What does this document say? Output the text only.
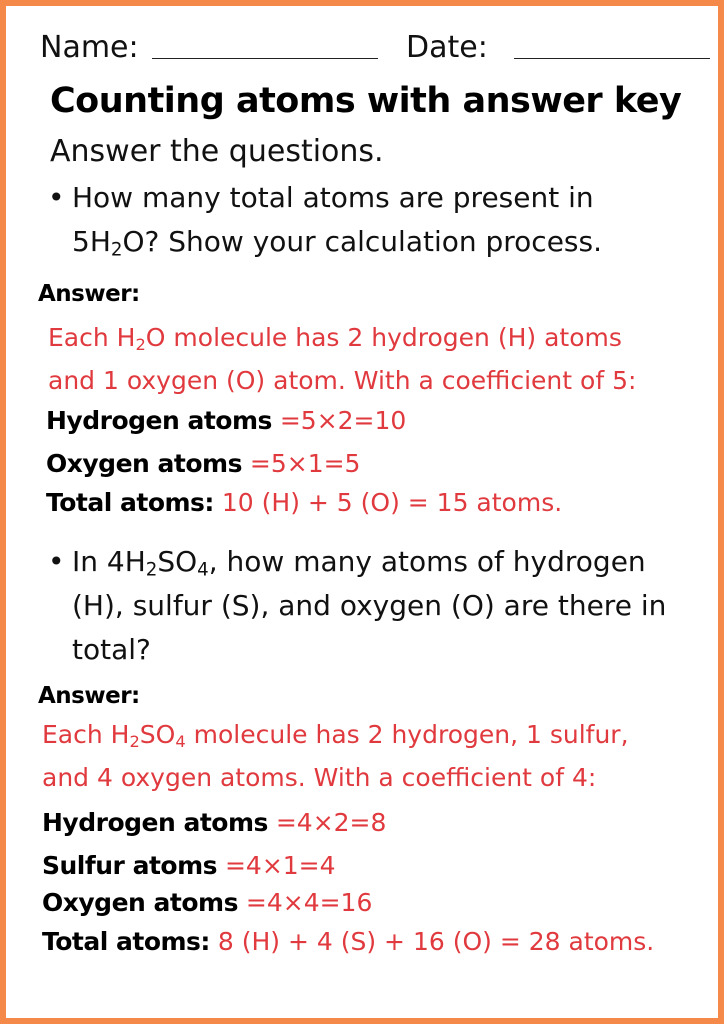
Name:	Date:
Counting atoms with answer key
Answer the questions.
• How many total atoms are present in
$5H_2O$? Show your calculation process.
Answer:
Each $H_2O$ molecule has 2 hydrogen (H) atoms
and 1 oxygen (O) atom. With a coefficient of 5:
Hydrogen atoms =5×2=10
Oxygen atoms =5×1=5
Total atoms: 10 (H) + 5 (O) = 15 atoms.
• In $4H_2SO_4$, how many atoms of hydrogen
(H), sulfur (S), and oxygen (O) are there in
total?
Answer:
Each $H_2SO_4$ molecule has 2 hydrogen, 1 sulfur,
and 4 oxygen atoms. With a coefficient of 4:
Hydrogen atoms =4×2=8
Sulfur atoms =4×1=4
Oxygen atoms =4×4=16
Total atoms: 8 (H) + 4 (S) + 16 (O) = 28 atoms.
